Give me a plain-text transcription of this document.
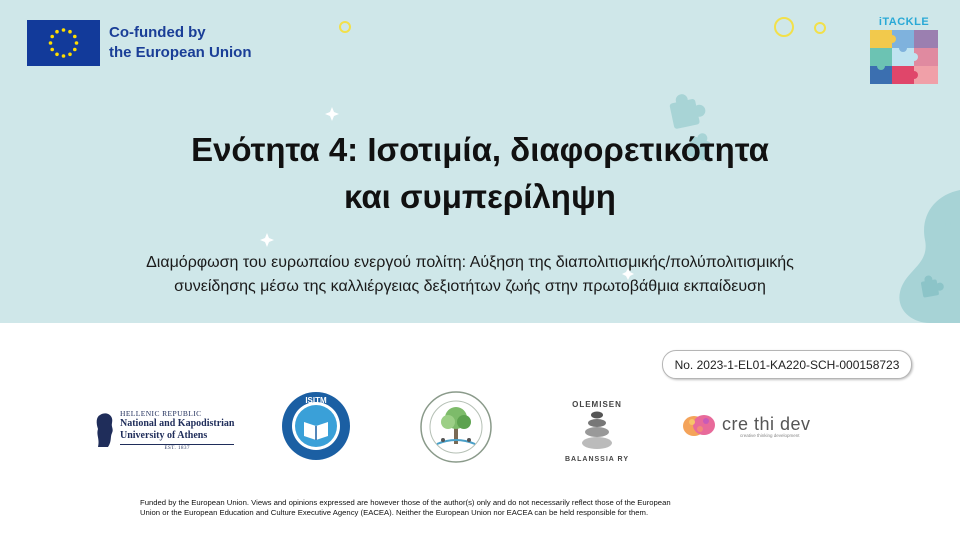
Co-funded by
the European Union
iTACKLE
Ενότητα 4: Ισοτιμία, διαφορετικότητα
και συμπερίληψη
Διαμόρφωση του ευρωπαίου ενεργού πολίτη: Αύξηση της διαπολιτισμικής/πολύπολιτισμικής
συνείδησης μέσω της καλλιέργειας δεξιοτήτων ζωής στην πρωτοβάθμια εκπαίδευση
No. 2023-1-EL01-KA220-SCH-000158723
HELLENIC REPUBLIC
National and Kapodistrian
University of Athens
EST. 1837
ISITM	OLEMISEN
BALANSSIA RY
cre thi dev
creative thinking development
Funded by the European Union. Views and opinions expressed are however those of the author(s) only and do not necessarily reflect those of the European
Union or the European Education and Culture Executive Agency (EACEA). Neither the European Union nor EACEA can be held responsible for them.
